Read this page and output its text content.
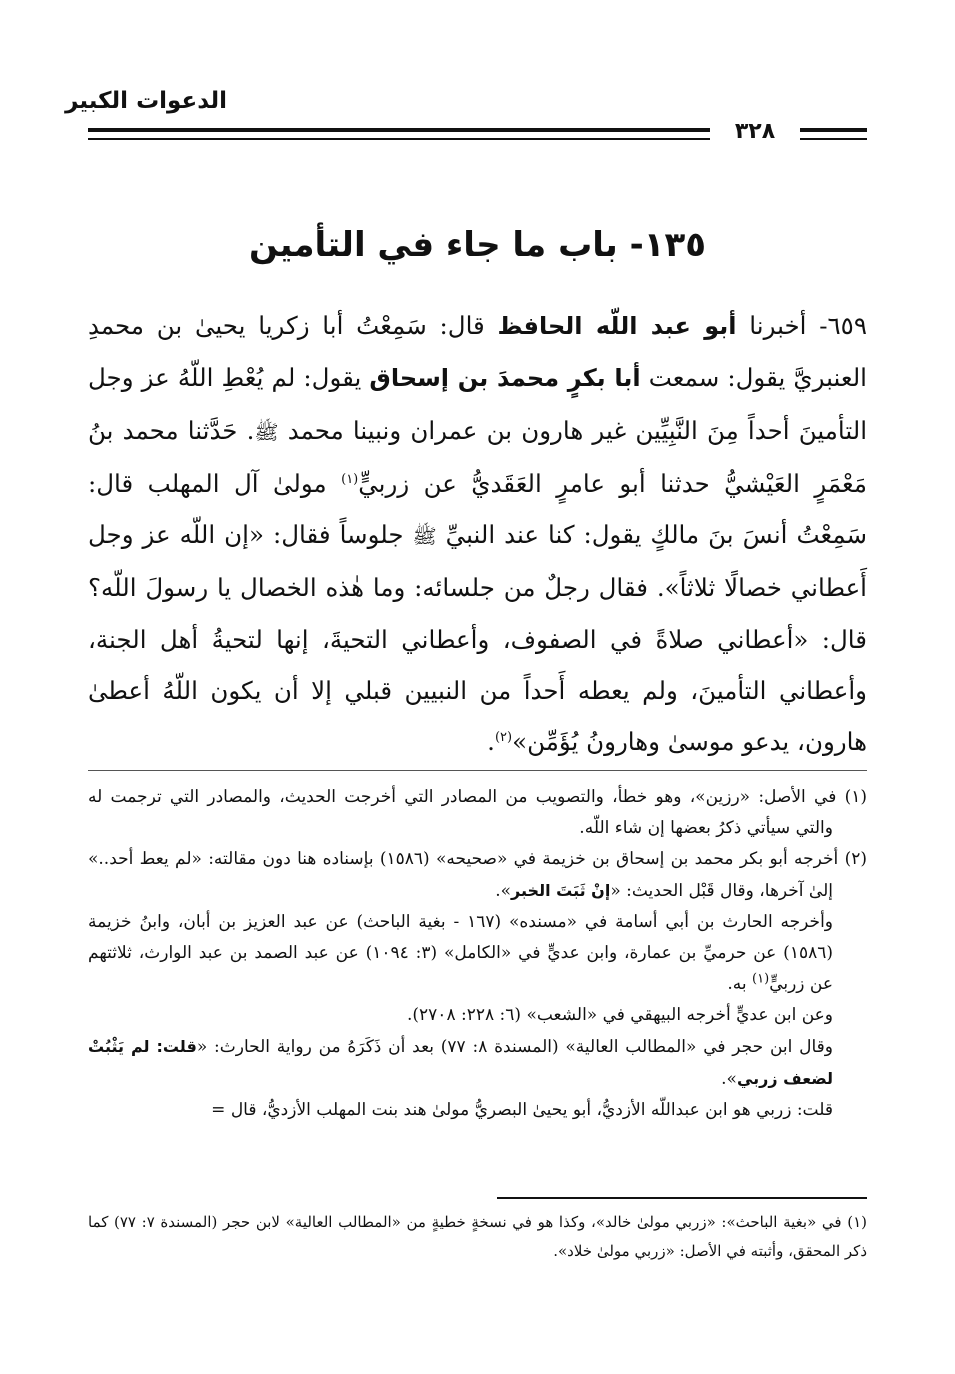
الدعوات الكبير
٣٢٨
١٣٥- باب ما جاء في التأمين

٦٥٩- أخبرنا أبو عبد اللّه الحافظ قال: سَمِعْتُ أبا زكريا يحيىٰ بن محمدِ العنبريَّ يقول: سمعت أبا بكرٍ محمدَ بن إسحاق يقول: لم يُعْطِ اللّهُ عز وجل التأمينَ أحداً مِنَ النَّبِيِّين غير هارون بن عمران ونبينا محمد ﷺ. حَدَّثنا محمد بنُ مَعْمَرٍ العَيْشيُّ حدثنا أبو عامرٍ العَقَديُّ عن زربيٍّ$^{(١)}$ مولىٰ آل المهلب قال: سَمِعْتُ أنسَ بنَ مالكٍ يقول: كنا عند النبيِّ ﷺ جلوساً فقال: «إن اللّه عز وجل أَعطاني خصالًا ثلاثاً». فقال رجلٌ من جلسائه: وما هٰذه الخصال يا رسولَ اللّه؟ قال: «أعطاني صلاةً في الصفوف، وأعطاني التحيةَ، إنها لتحيةُ أهل الجنة، وأعطاني التأمينَ، ولم يعطه أَحداً من النبيين قبلي إلا أن يكون اللّهُ أعطىٰ هارون، يدعو موسىٰ وهارونُ يُؤَمِّن»$^{(٢)}$.

(١) في الأصل: «رزين»، وهو خطأ، والتصويب من المصادر التي أخرجت الحديث، والمصادر التي ترجمت له والتي سيأتي ذكرُ بعضها إن شاء اللّه.

(٢) أخرجه أبو بكر محمد بن إسحاق بن خزيمة في «صحيحه» (١٥٨٦) بإسناده هنا دون مقالته: «لم يعط أحد..» إلىٰ آخرها، وقال قَبْل الحديث: «إنْ ثَبَتَ الخبر».

وأخرجه الحارث بن أبي أسامة في «مسنده» (١٦٧ - بغية الباحث) عن عبد العزيز بن أبان، وابنُ خزيمة (١٥٨٦) عن حرميِّ بن عمارة، وابن عديٍّ في «الكامل» (٣: ١٠٩٤) عن عبد الصمد بن عبد الوارث، ثلاثتهم عن زربيٍّ$^{(١)}$ به.

وعن ابن عديٍّ أخرجه البيهقي في «الشعب» (٦: ٢٢٨: ٢٧٠٨).

وقال ابن حجر في «المطالب العالية» (المسندة ٨: ٧٧) بعد أن ذَكَرَهُ من رواية الحارث: «قلت: لم يَثْبُتْ لضعف زربي».

قلت: زربي هو ابن عبداللّه الأزديُّ، أبو يحيىٰ البصريُّ مولىٰ هند بنت المهلب الأزديُّ، قال =

(١) في «بغية الباحث»: «زربي مولىٰ خالد»، وكذا هو في نسخةٍ خطيةٍ من «المطالب العالية» لابن حجر (المسندة ٧: ٧٧) كما ذكر المحقق، وأثبته في الأصل: «زربي مولىٰ خلاد».
